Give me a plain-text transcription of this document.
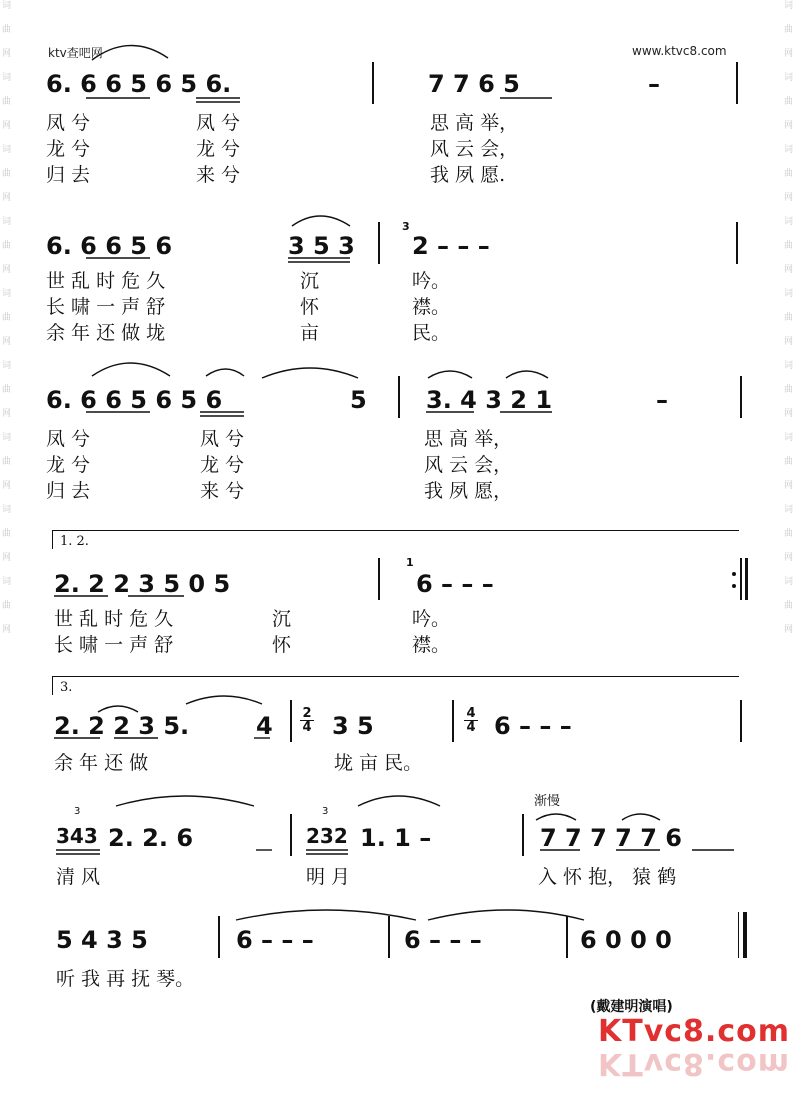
词
曲
网
词
曲
网
词
曲
网
词
曲
网
词
曲
网
词
曲
网
词
曲
网
词
曲
网
词
曲
网
词
曲
网
词
曲
网
词
曲
网
词
曲
网
词
曲
网
词
曲
网
词
曲
网
词
曲
网
词
曲
网
ktv查吧网	www.ktvc8.com
6. 6 6 5 6 5 6.	7 7 6 5	–
凤 兮	凤 兮	思 高 举，
龙 兮	龙 兮	风 云 会，
归 去	来 兮	我 夙 愿.
6. 6 6 5 6	3 5 3 2 – – –
3
世 乱 时 危 久	沉	吟。
长 啸 一 声 舒	怀	襟。
余 年 还 做 垅	亩	民。
6. 6 6 5 6 5 6	5 3. 4 3 2 1	–
凤 兮	凤 兮	思 高 举，
龙 兮	龙 兮	风 云 会，
归 去	来 兮	我 夙 愿，
1. 2.
2. 2 2 3 5 0 5	6 – – –
1
世 乱 时 危 久	沉	吟。
长 啸 一 声 舒	怀	襟。
3.
2. 2 2 3 5.	4 3 5	6 – – –
2
4
4
4
余 年 还 做	垅 亩 民。
渐慢
3	3
343 2. 2. 6	232 1. 1 –	7 7 7 7 7 6
清 风	明 月	入 怀 抱， 猿 鹤
5 4 3 5	6 – – –	6 – – –	6 0 0 0
听 我 再 抚 琴。
(戴建明演唱)
KTvc8.com
KTvc8.com
